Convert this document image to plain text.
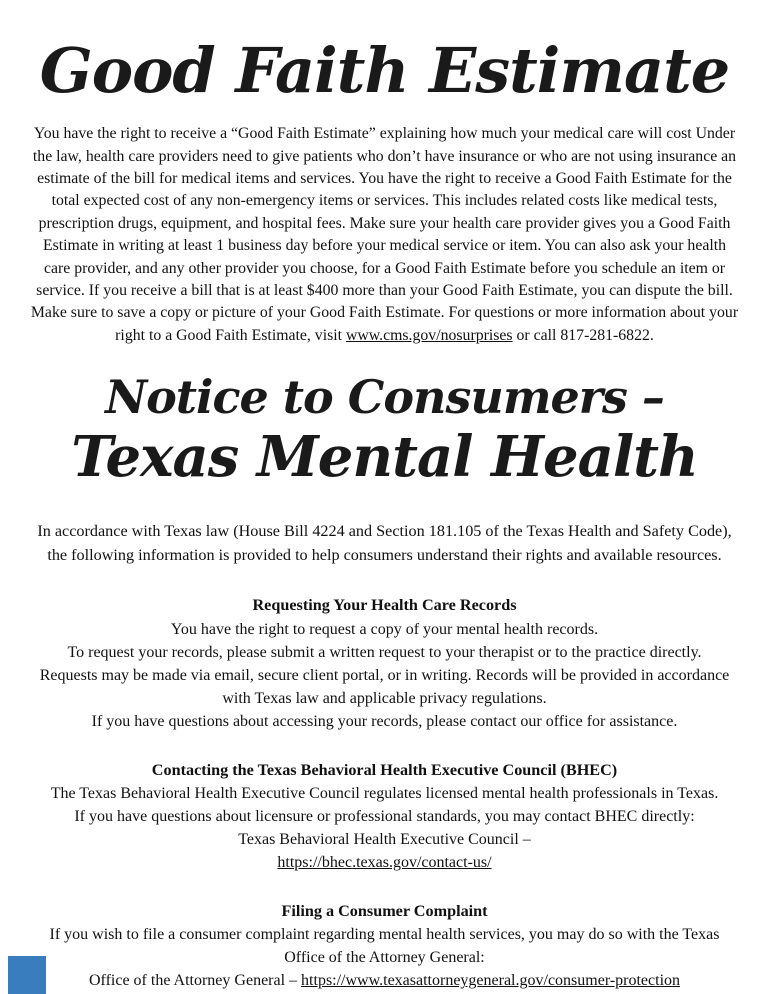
Good Faith Estimate

You have the right to receive a “Good Faith Estimate” explaining how much your medical care will cost Under the law, health care providers need to give patients who don’t have insurance or who are not using insurance an estimate of the bill for medical items and services. You have the right to receive a Good Faith Estimate for the total expected cost of any non-emergency items or services. This includes related costs like medical tests, prescription drugs, equipment, and hospital fees. Make sure your health care provider gives you a Good Faith Estimate in writing at least 1 business day before your medical service or item. You can also ask your health care provider, and any other provider you choose, for a Good Faith Estimate before you schedule an item or service. If you receive a bill that is at least $400 more than your Good Faith Estimate, you can dispute the bill. Make sure to save a copy or picture of your Good Faith Estimate. For questions or more information about your right to a Good Faith Estimate, visit www.cms.gov/nosurprises or call 817-281-6822.

Notice to Consumers –
Texas Mental Health

In accordance with Texas law (House Bill 4224 and Section 181.105 of the Texas Health and Safety Code), the following information is provided to help consumers understand their rights and available resources.

Requesting Your Health Care Records
You have the right to request a copy of your mental health records.
To request your records, please submit a written request to your therapist or to the practice directly.
Requests may be made via email, secure client portal, or in writing. Records will be provided in accordance with Texas law and applicable privacy regulations.
If you have questions about accessing your records, please contact our office for assistance.
Contacting the Texas Behavioral Health Executive Council (BHEC)
The Texas Behavioral Health Executive Council regulates licensed mental health professionals in Texas.
If you have questions about licensure or professional standards, you may contact BHEC directly:
Texas Behavioral Health Executive Council –
https://bhec.texas.gov/contact-us/
Filing a Consumer Complaint
If you wish to file a consumer complaint regarding mental health services, you may do so with the Texas Office of the Attorney General:
Office of the Attorney General – https://www.texasattorneygeneral.gov/consumer-protection
